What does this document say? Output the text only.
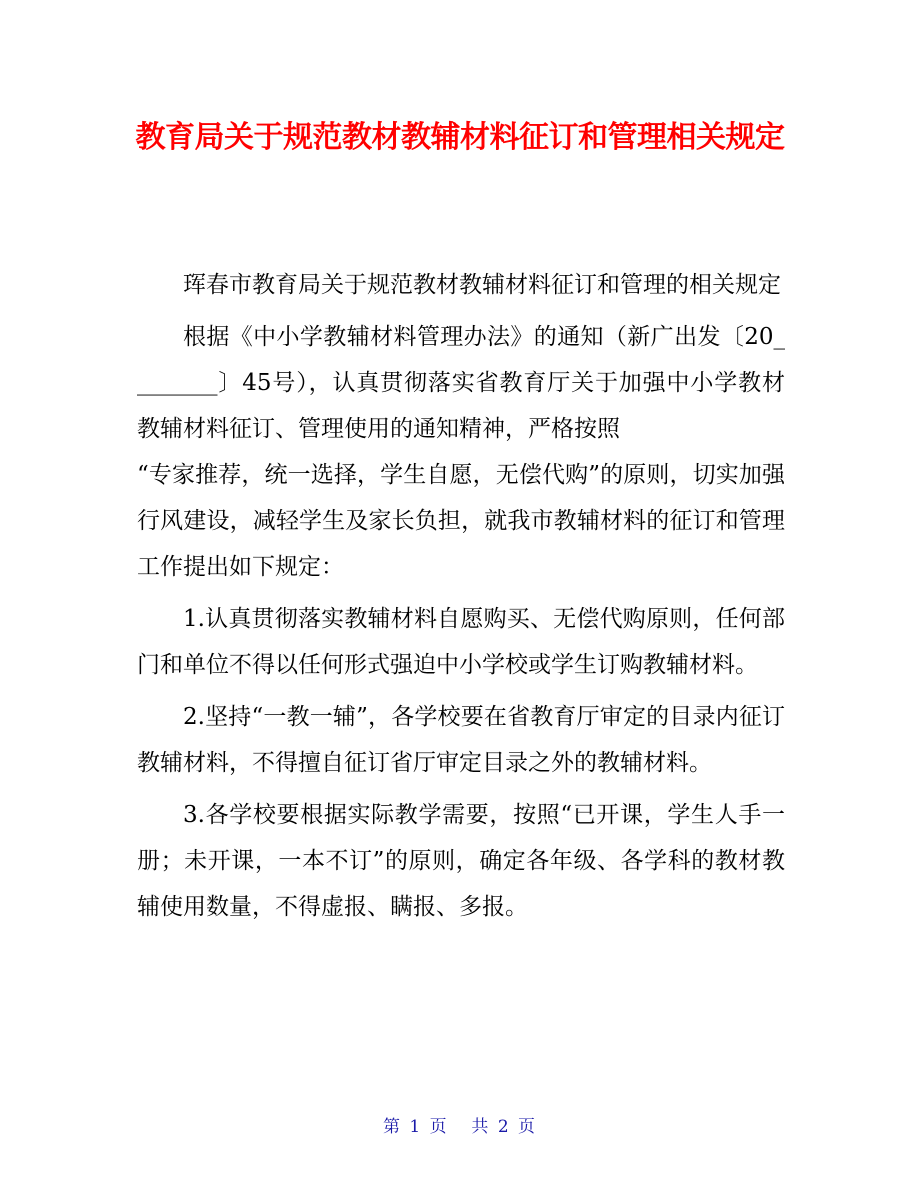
教育局关于规范教材教辅材料征订和管理相关规定

珲春市教育局关于规范教材教辅材料征订和管理的相关规定

根据《中小学教辅材料管理办法》的通知（新广出发〔20________〕45号），认真贯彻落实省教育厅关于加强中小学教材教辅材料征订、管理使用的通知精神，严格按照

“专家推荐，统一选择，学生自愿，无偿代购”的原则，切实加强行风建设，减轻学生及家长负担，就我市教辅材料的征订和管理工作提出如下规定：

1.认真贯彻落实教辅材料自愿购买、无偿代购原则，任何部门和单位不得以任何形式强迫中小学校或学生订购教辅材料。

2.坚持“一教一辅”，各学校要在省教育厅审定的目录内征订教辅材料，不得擅自征订省厅审定目录之外的教辅材料。

3.各学校要根据实际教学需要，按照“已开课，学生人手一册；未开课，一本不订”的原则，确定各年级、各学科的教材教辅使用数量，不得虚报、瞒报、多报。

第 1 页 共 2 页
